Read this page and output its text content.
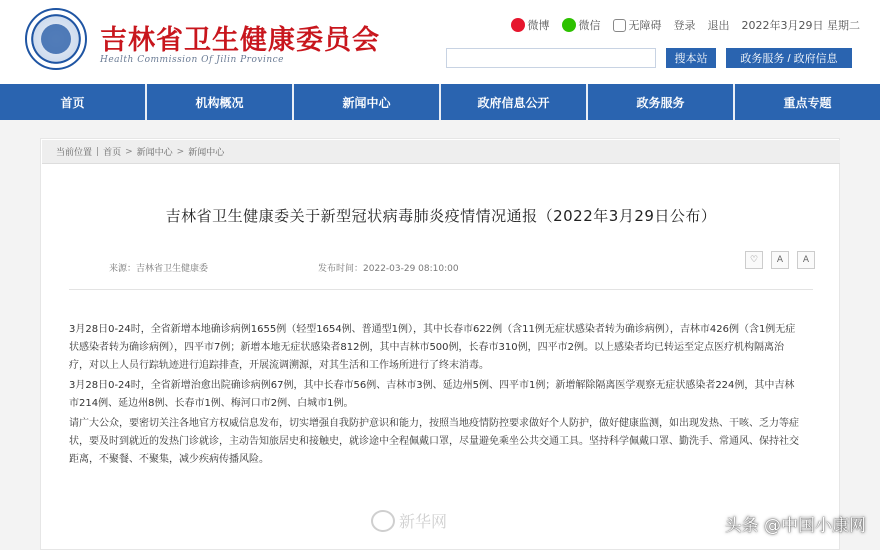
吉林省卫生健康委员会
Health Commission Of Jilin Province
微博	微信	无障碍 登录 退出 2022年3月29日 星期二
搜本站	政务服务 / 政府信息
首页	机构概况	新闻中心	政府信息公开	政务服务	重点专题
当前位置 | 首页 > 新闻中心 > 新闻中心
吉林省卫生健康委关于新型冠状病毒肺炎疫情情况通报（2022年3月29日公布）
来源：吉林省卫生健康委	发布时间：2022-03-29 08:10:00
♡	A	A

3月28日0-24时，全省新增本地确诊病例1655例（轻型1654例、普通型1例），其中长春市622例（含11例无症状感染者转为确诊病例），吉林市426例（含1例无症状感染者转为确诊病例），四平市7例；新增本地无症状感染者812例，其中吉林市500例，长春市310例，四平市2例。以上感染者均已转运至定点医疗机构隔离治疗，对以上人员行踪轨迹进行追踪排查，开展流调溯源，对其生活和工作场所进行了终末消毒。

3月28日0-24时，全省新增治愈出院确诊病例67例，其中长春市56例、吉林市3例、延边州5例、四平市1例；新增解除隔离医学观察无症状感染者224例，其中吉林市214例、延边州8例、长春市1例、梅河口市2例、白城市1例。

请广大公众，要密切关注各地官方权威信息发布，切实增强自我防护意识和能力，按照当地疫情防控要求做好个人防护，做好健康监测，如出现发热、干咳、乏力等症状，要及时到就近的发热门诊就诊，主动告知旅居史和接触史，就诊途中全程佩戴口罩，尽量避免乘坐公共交通工具。坚持科学佩戴口罩、勤洗手、常通风、保持社交距离，不聚餐、不聚集，减少疾病传播风险。

新华网	头条 @中国小康网
